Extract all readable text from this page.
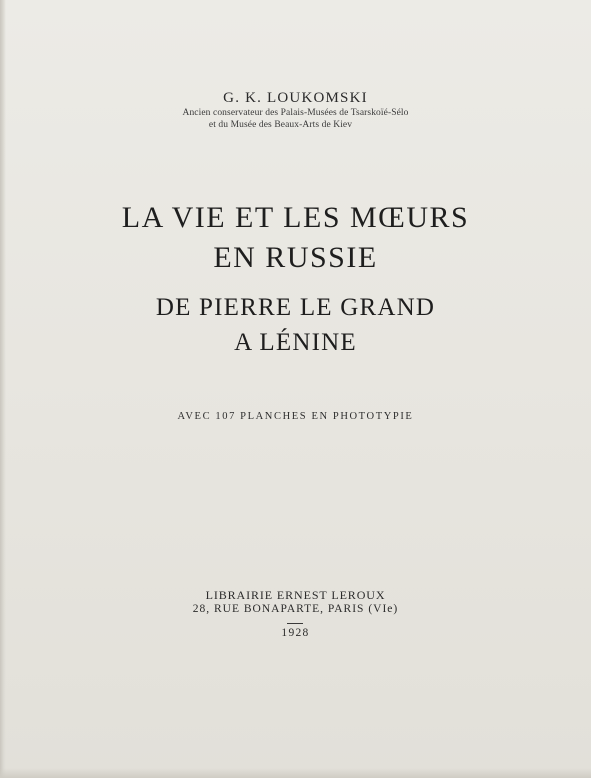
G. K. LOUKOMSKI
Ancien conservateur des Palais-Musées de Tsarskoïé-Sélo
et du Musée des Beaux-Arts de Kiev
LA VIE ET LES MŒURS
EN RUSSIE
DE PIERRE LE GRAND
A LÉNINE
AVEC 107 PLANCHES EN PHOTOTYPIE
LIBRAIRIE ERNEST LEROUX
28, RUE BONAPARTE, PARIS (VIe)
1928
